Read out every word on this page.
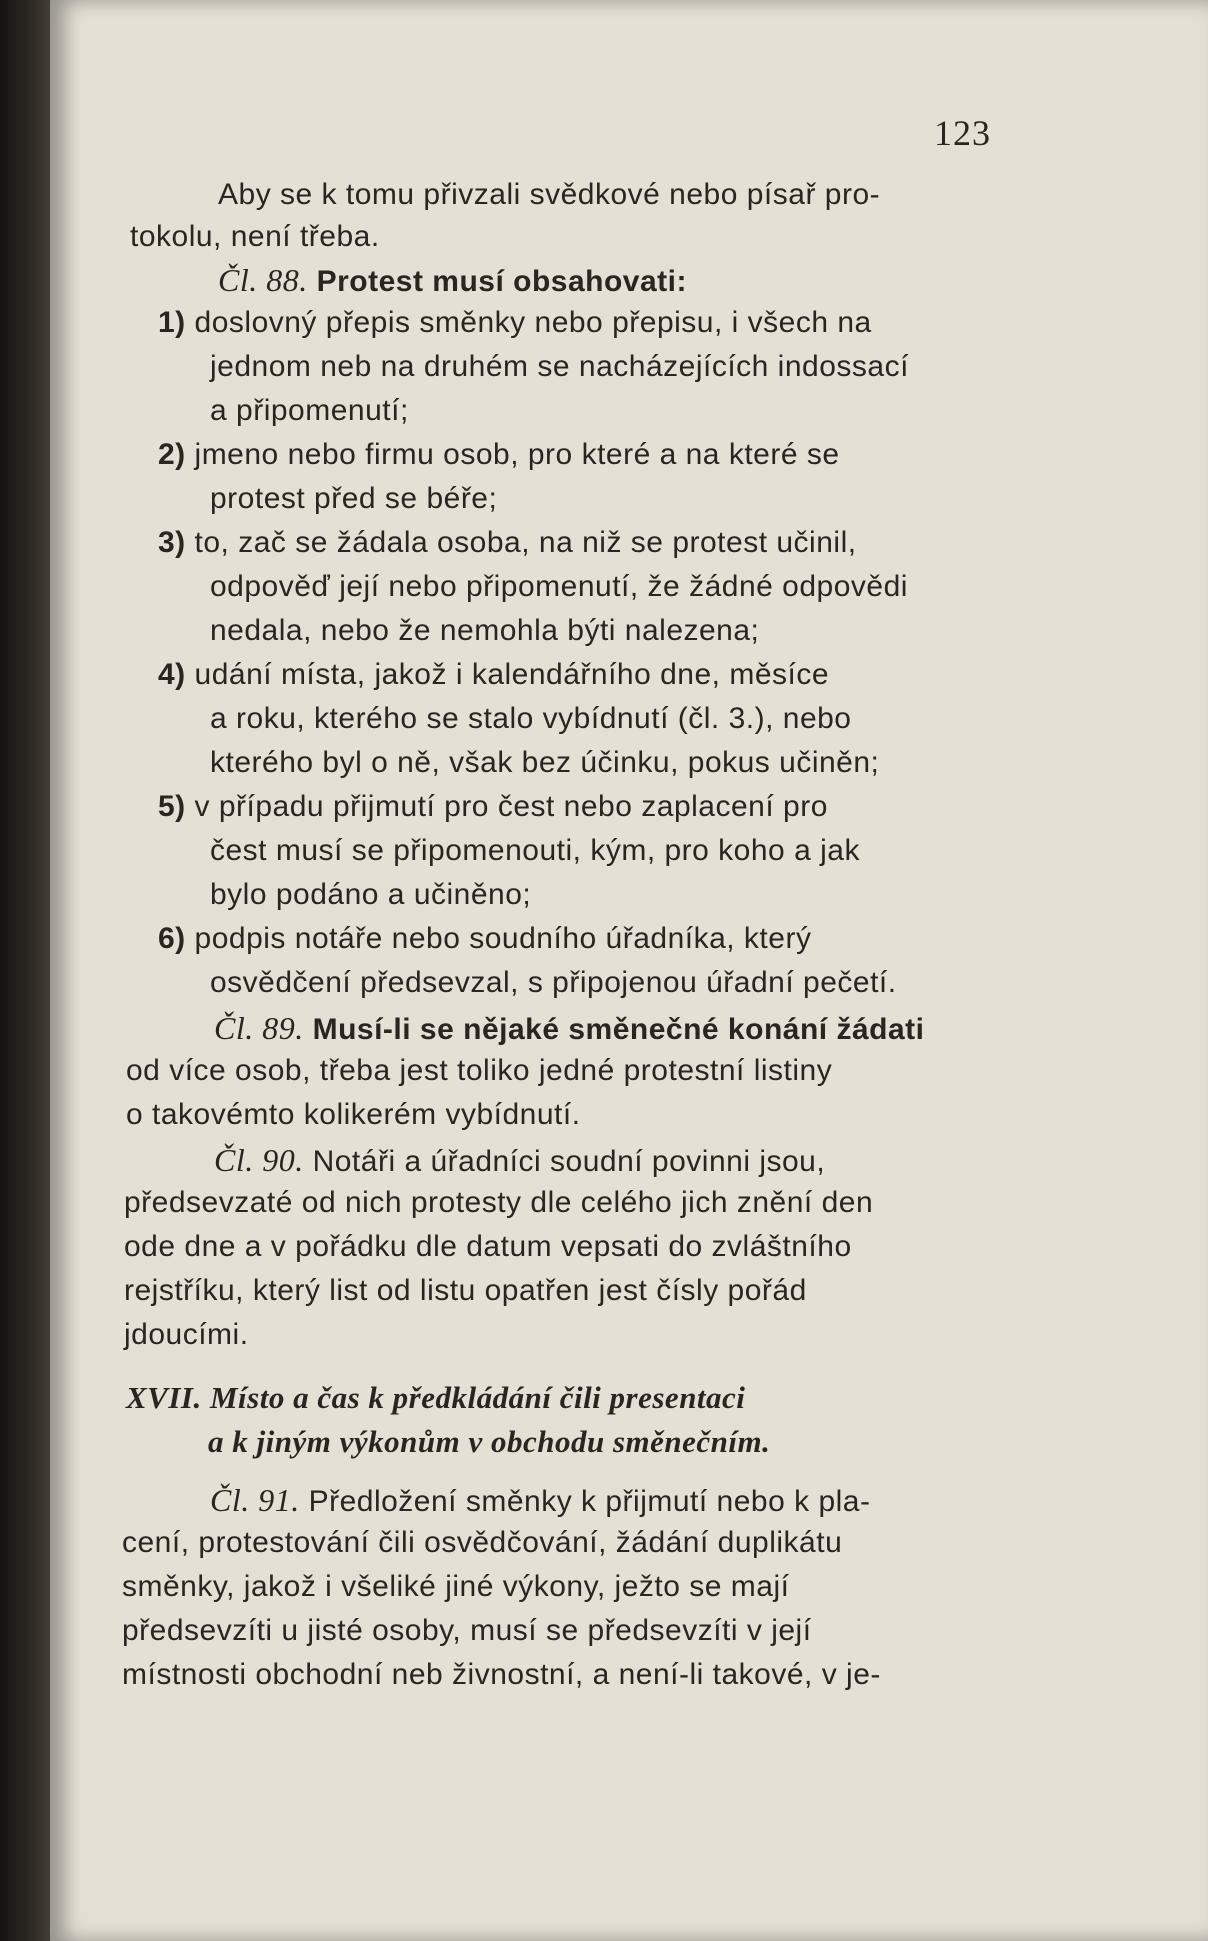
123
Aby se k tomu přivzali svědkové nebo písař pro-
tokolu, není třeba.
Čl. 88. Protest musí obsahovati:
1) doslovný přepis směnky nebo přepisu, i všech na
jednom neb na druhém se nacházejících indossací
a připomenutí;
2) jmeno nebo firmu osob, pro které a na které se
protest před se béře;
3) to, zač se žádala osoba, na niž se protest učinil,
odpověď její nebo připomenutí, že žádné odpovědi
nedala, nebo že nemohla býti nalezena;
4) udání místa, jakož i kalendářního dne, měsíce
a roku, kterého se stalo vybídnutí (čl. 3.), nebo
kterého byl o ně, však bez účinku, pokus učiněn;
5) v případu přijmutí pro čest nebo zaplacení pro
čest musí se připomenouti, kým, pro koho a jak
bylo podáno a učiněno;
6) podpis notáře nebo soudního úřadníka, který
osvědčení předsevzal, s připojenou úřadní pečetí.
Čl. 89. Musí-li se nějaké směnečné konání žádati
od více osob, třeba jest toliko jedné protestní listiny
o takovémto kolikerém vybídnutí.
Čl. 90. Notáři a úřadníci soudní povinni jsou,
předsevzaté od nich protesty dle celého jich znění den
ode dne a v pořádku dle datum vepsati do zvláštního
rejstříku, který list od listu opatřen jest čísly pořád
jdoucími.
XVII. Místo a čas k předkládání čili presentaci
a k jiným výkonům v obchodu směnečním.
Čl. 91. Předložení směnky k přijmutí nebo k pla-
cení, protestování čili osvědčování, žádání duplikátu
směnky, jakož i všeliké jiné výkony, ježto se mají
předsevzíti u jisté osoby, musí se předsevzíti v její
místnosti obchodní neb živnostní, a není-li takové, v je-
